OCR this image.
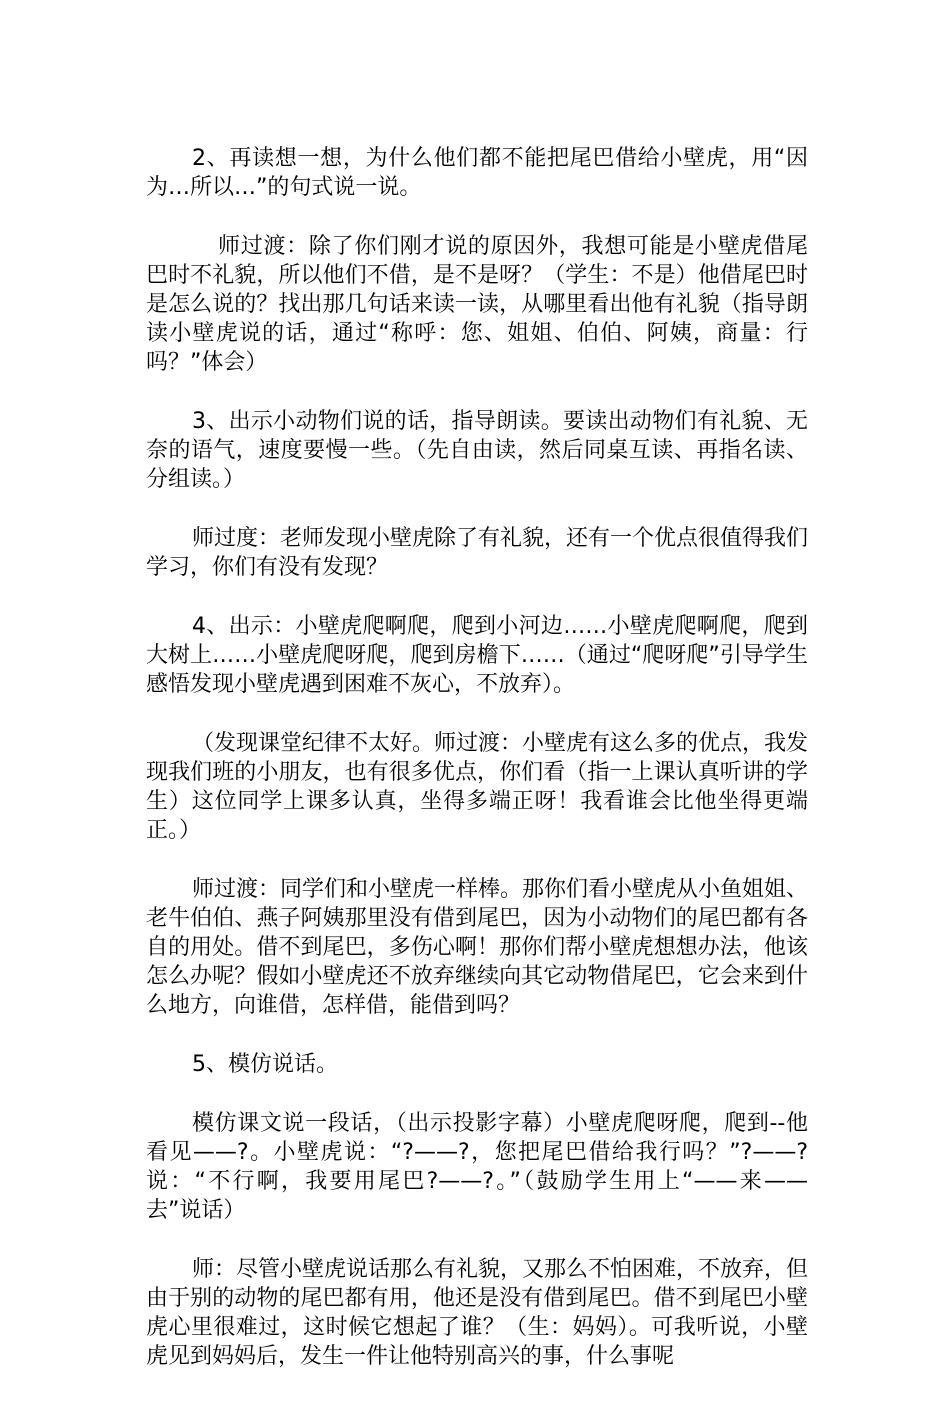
2、再读想一想，为什么他们都不能把尾巴借给小壁虎，用“因为…所以…”的句式说一说。

师过渡：除了你们刚才说的原因外，我想可能是小壁虎借尾巴时不礼貌，所以他们不借，是不是呀？（学生：不是）他借尾巴时是怎么说的？找出那几句话来读一读，从哪里看出他有礼貌（指导朗读小壁虎说的话，通过“称呼：您、姐姐、伯伯、阿姨，商量：行吗？”体会）

3、出示小动物们说的话，指导朗读。要读出动物们有礼貌、无奈的语气，速度要慢一些。（先自由读，然后同桌互读、再指名读、分组读。）

师过度：老师发现小壁虎除了有礼貌，还有一个优点很值得我们学习，你们有没有发现？

4、出示：小壁虎爬啊爬，爬到小河边……小壁虎爬啊爬，爬到大树上……小壁虎爬呀爬，爬到房檐下……（通过“爬呀爬”引导学生感悟发现小壁虎遇到困难不灰心，不放弃）。

（发现课堂纪律不太好。师过渡：小壁虎有这么多的优点，我发现我们班的小朋友，也有很多优点，你们看（指一上课认真听讲的学生）这位同学上课多认真，坐得多端正呀！我看谁会比他坐得更端正。）

师过渡：同学们和小壁虎一样棒。那你们看小壁虎从小鱼姐姐、老牛伯伯、燕子阿姨那里没有借到尾巴，因为小动物们的尾巴都有各自的用处。借不到尾巴，多伤心啊！那你们帮小壁虎想想办法，他该怎么办呢？假如小壁虎还不放弃继续向其它动物借尾巴，它会来到什么地方，向谁借，怎样借，能借到吗？

5、模仿说话。

模仿课文说一段话，（出示投影字幕）小壁虎爬呀爬，爬到--他看见——?。小壁虎说：“?——?，您把尾巴借给我行吗？”?——?说：“不行啊，我要用尾巴?——?。”（鼓励学生用上“——来——去”说话）

师：尽管小壁虎说话那么有礼貌，又那么不怕困难，不放弃，但由于别的动物的尾巴都有用，他还是没有借到尾巴。借不到尾巴小壁虎心里很难过，这时候它想起了谁？（生：妈妈）。可我听说，小壁虎见到妈妈后，发生一件让他特别高兴的事，什么事呢
